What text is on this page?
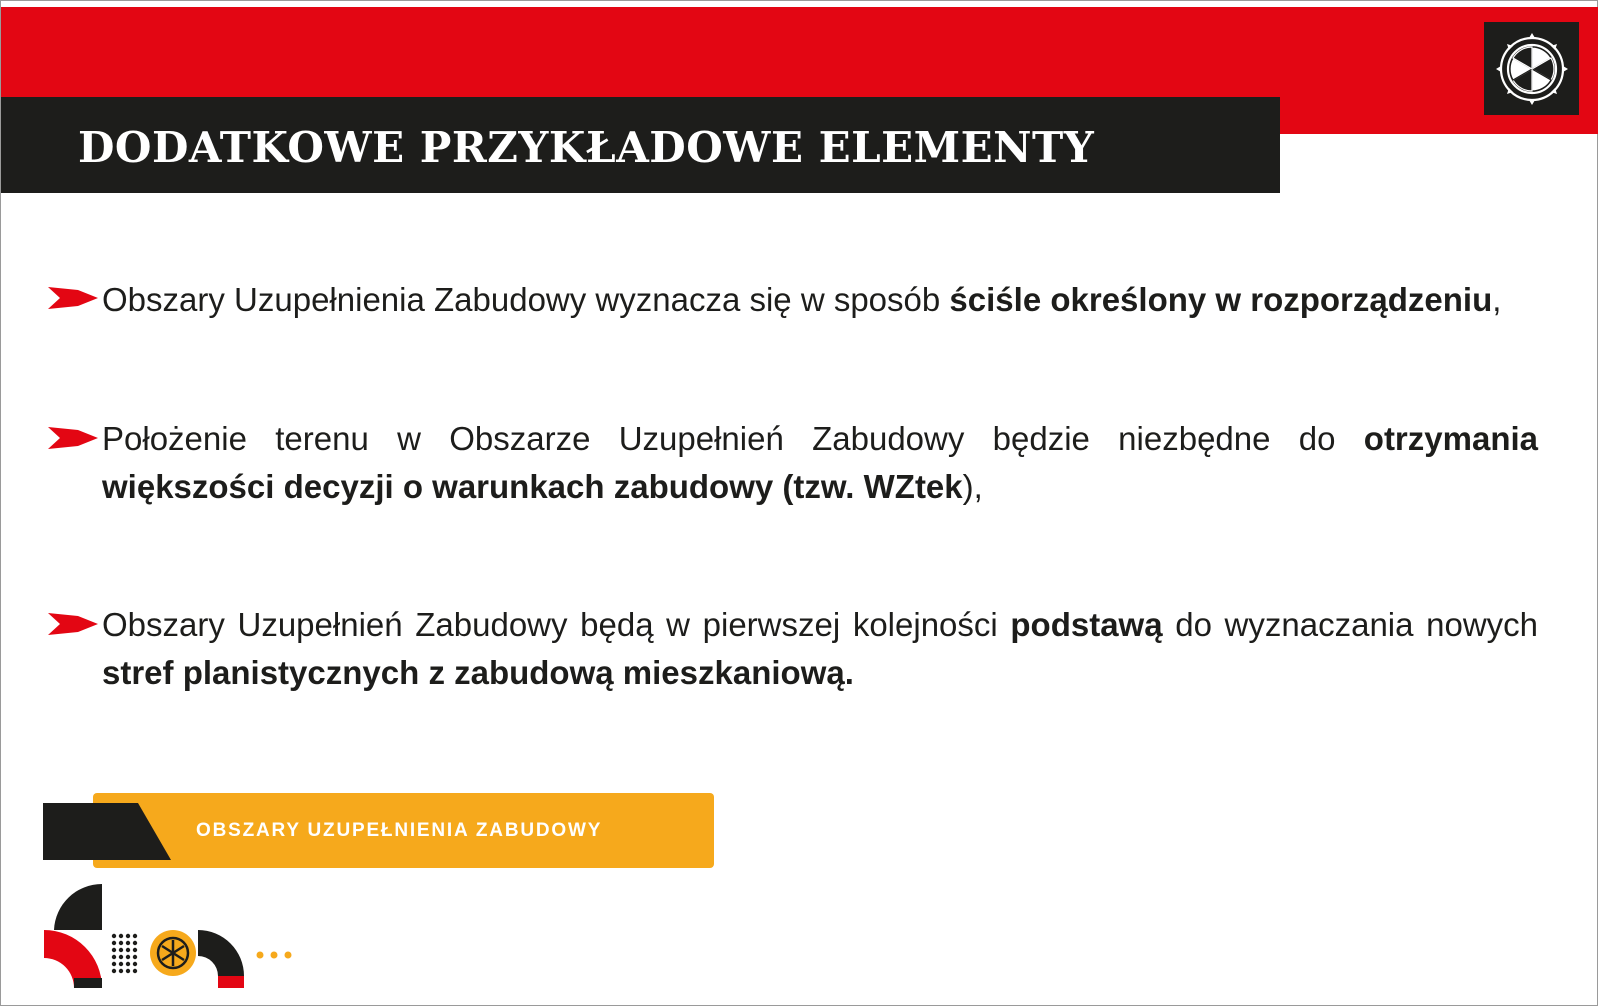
DODATKOWE PRZYKŁADOWE ELEMENTY
Obszary Uzupełnienia Zabudowy wyznacza się w sposób ściśle określony w rozporządzeniu,
Położenie terenu w Obszarze Uzupełnień Zabudowy będzie niezbędne do otrzymania większości decyzji o warunkach zabudowy (tzw. WZtek),
Obszary Uzupełnień Zabudowy będą w pierwszej kolejności podstawą do wyznaczania nowych stref planistycznych z zabudową mieszkaniową.
OBSZARY UZUPEŁNIENIA ZABUDOWY
